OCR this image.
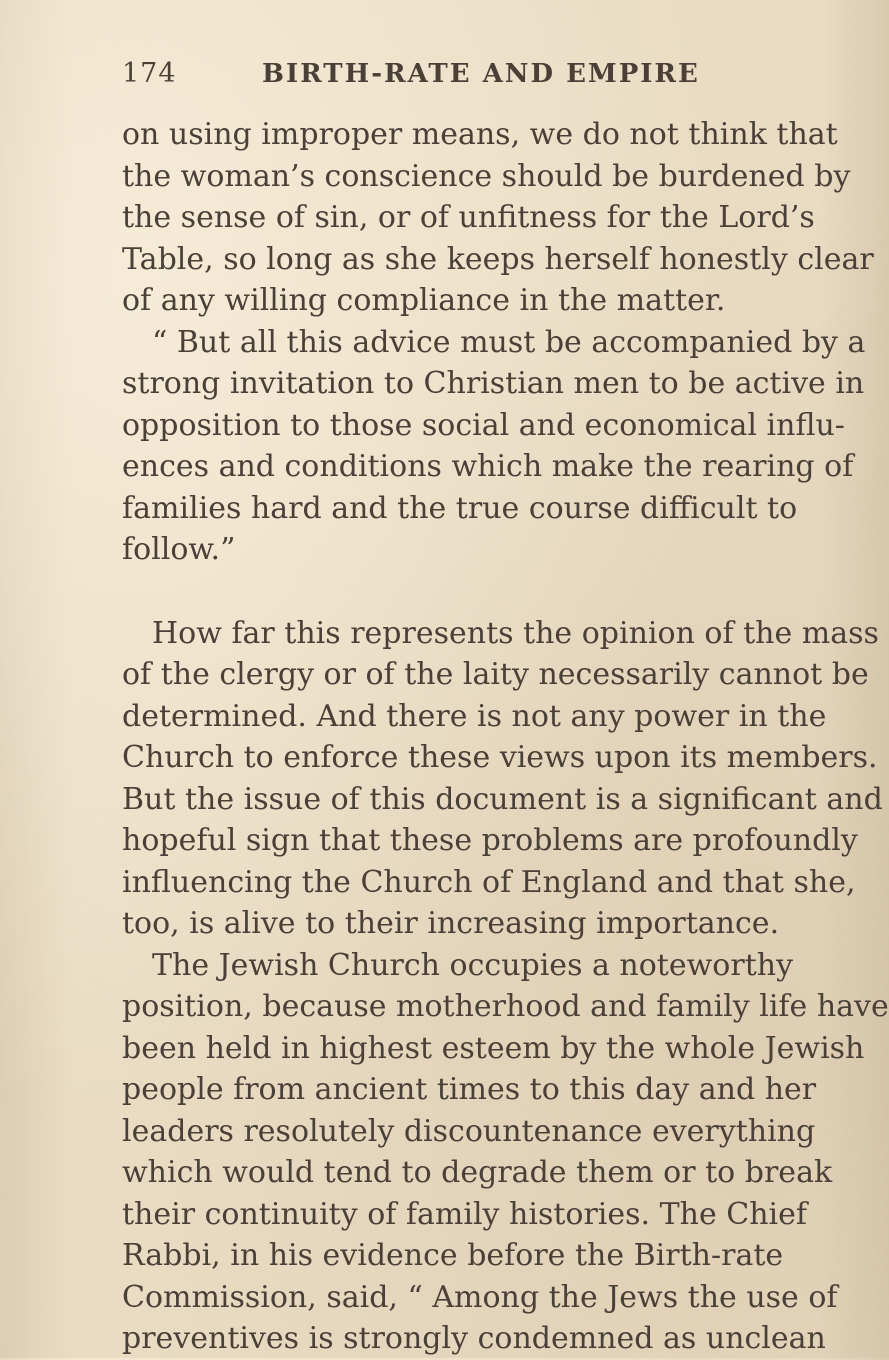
174	BIRTH-RATE AND EMPIRE

on using improper means, we do not think that
the woman’s conscience should be burdened by
the sense of sin, or of unfitness for the Lord’s
Table, so long as she keeps herself honestly clear
of any willing compliance in the matter.

“ But all this advice must be accompanied by a
strong invitation to Christian men to be active in
opposition to those social and economical influ-
ences and conditions which make the rearing of
families hard and the true course difficult to
follow.”

How far this represents the opinion of the mass
of the clergy or of the laity necessarily cannot be
determined. And there is not any power in the
Church to enforce these views upon its members.
But the issue of this document is a significant and
hopeful sign that these problems are profoundly
influencing the Church of England and that she,
too, is alive to their increasing importance.

The Jewish Church occupies a noteworthy
position, because motherhood and family life have
been held in highest esteem by the whole Jewish
people from ancient times to this day and her
leaders resolutely discountenance everything
which would tend to degrade them or to break
their continuity of family histories. The Chief
Rabbi, in his evidence before the Birth-rate
Commission, said, “ Among the Jews the use of
preventives is strongly condemned as unclean
